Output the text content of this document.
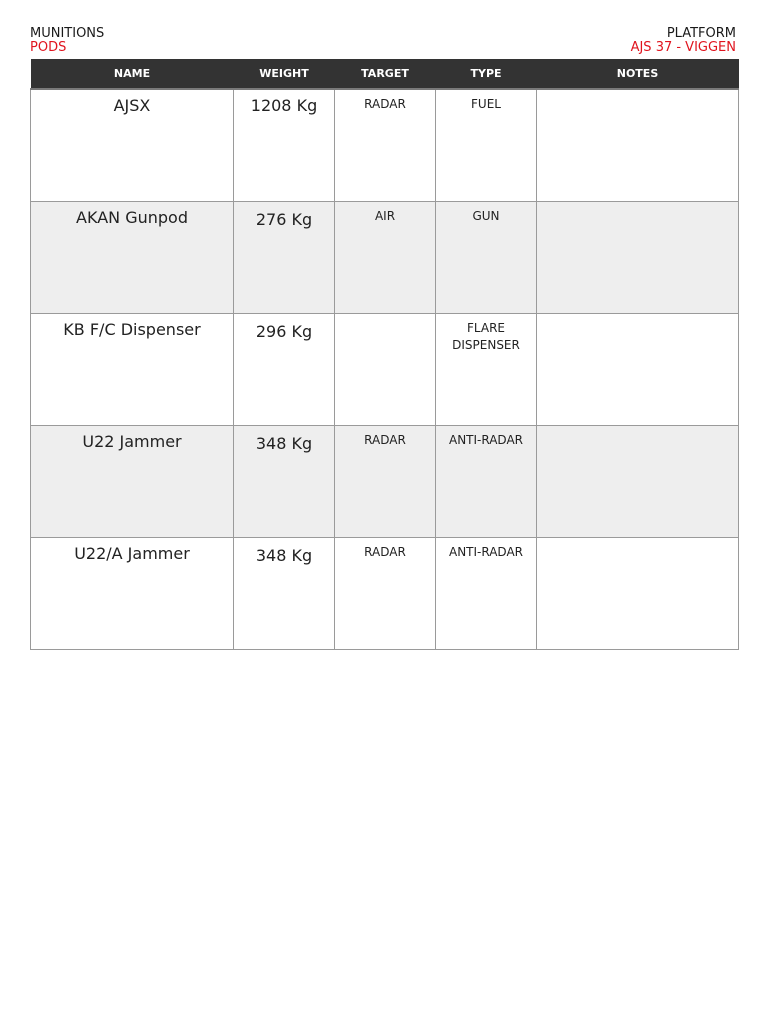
MUNITIONS
PODS
PLATFORM
AJS 37 - VIGGEN
NAME	WEIGHT	TARGET	TYPE	NOTES

AJSX	1208 Kg	RADAR	FUEL	

AKAN Gunpod	276 Kg	AIR	GUN	

KB F/C Dispenser	296 Kg		FLARE DISPENSER	

U22 Jammer	348 Kg	RADAR	ANTI-RADAR	

U22/A Jammer	348 Kg	RADAR	ANTI-RADAR	
